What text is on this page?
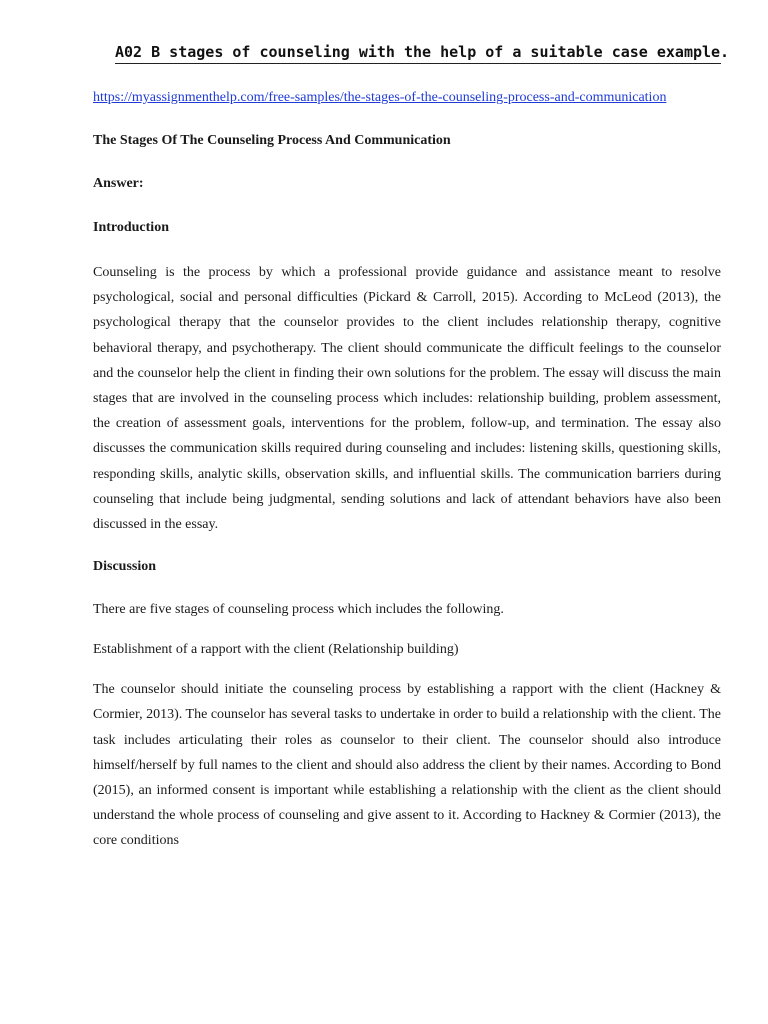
A02 B stages of counseling with the help of a suitable case example.
https://myassignmenthelp.com/free-samples/the-stages-of-the-counseling-process-and-communication

The Stages Of The Counseling Process And Communication

Answer:

Introduction

Counseling is the process by which a professional provide guidance and assistance meant to resolve psychological, social and personal difficulties (Pickard & Carroll, 2015). According to McLeod (2013), the psychological therapy that the counselor provides to the client includes relationship therapy, cognitive behavioral therapy, and psychotherapy. The client should communicate the difficult feelings to the counselor and the counselor help the client in finding their own solutions for the problem. The essay will discuss the main stages that are involved in the counseling process which includes: relationship building, problem assessment, the creation of assessment goals, interventions for the problem, follow-up, and termination. The essay also discusses the communication skills required during counseling and includes: listening skills, questioning skills, responding skills, analytic skills, observation skills, and influential skills. The communication barriers during counseling that include being judgmental, sending solutions and lack of attendant behaviors have also been discussed in the essay.

Discussion

There are five stages of counseling process which includes the following.

Establishment of a rapport with the client (Relationship building)

The counselor should initiate the counseling process by establishing a rapport with the client (Hackney & Cormier, 2013). The counselor has several tasks to undertake in order to build a relationship with the client. The task includes articulating their roles as counselor to their client. The counselor should also introduce himself/herself by full names to the client and should also address the client by their names. According to Bond (2015), an informed consent is important while establishing a relationship with the client as the client should understand the whole process of counseling and give assent to it. According to Hackney & Cormier (2013), the core conditions
